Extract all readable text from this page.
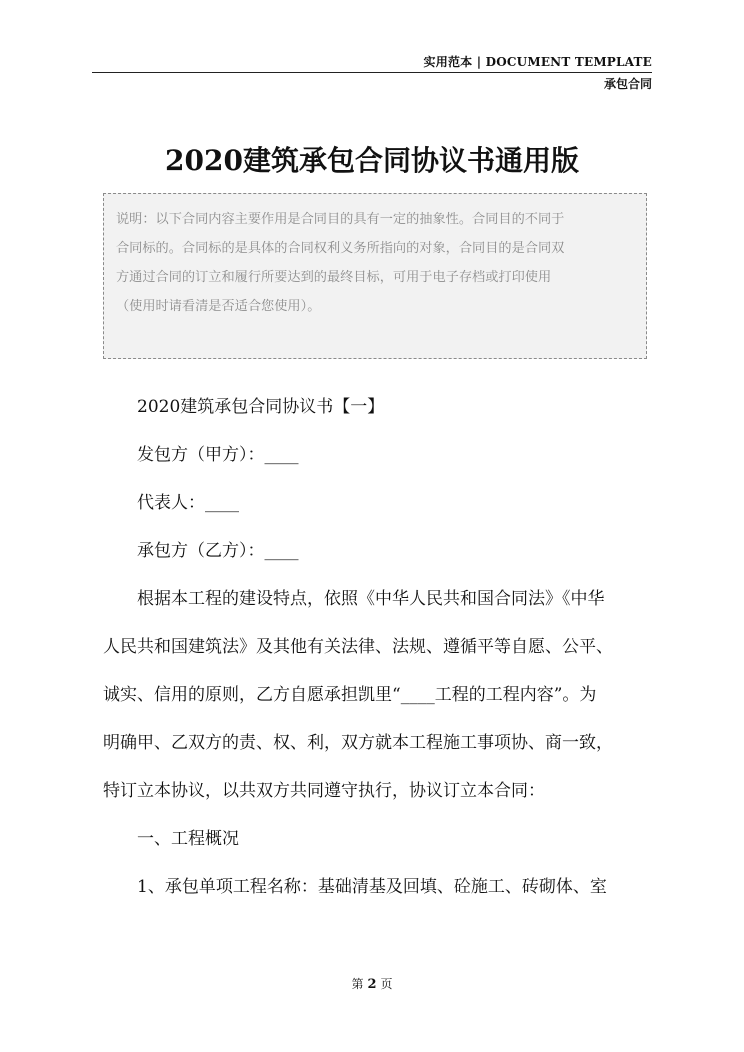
实用范本 | DOCUMENT TEMPLATE
承包合同
2020建筑承包合同协议书通用版
说明：以下合同内容主要作用是合同目的具有一定的抽象性。合同目的不同于
合同标的。合同标的是具体的合同权利义务所指向的对象，合同目的是合同双
方通过合同的订立和履行所要达到的最终目标，可用于电子存档或打印使用
（使用时请看清是否适合您使用）。
2020建筑承包合同协议书【一】
发包方（甲方）：____
代表人：____
承包方（乙方）：____
根据本工程的建设特点，依照《中华人民共和国合同法》《中华
人民共和国建筑法》及其他有关法律、法规、遵循平等自愿、公平、
诚实、信用的原则，乙方自愿承担凯里“____工程的工程内容”。为
明确甲、乙双方的责、权、利，双方就本工程施工事项协、商一致，
特订立本协议，以共双方共同遵守执行，协议订立本合同：
一、工程概况
1、承包单项工程名称：基础清基及回填、砼施工、砖砌体、室
第 2 页
